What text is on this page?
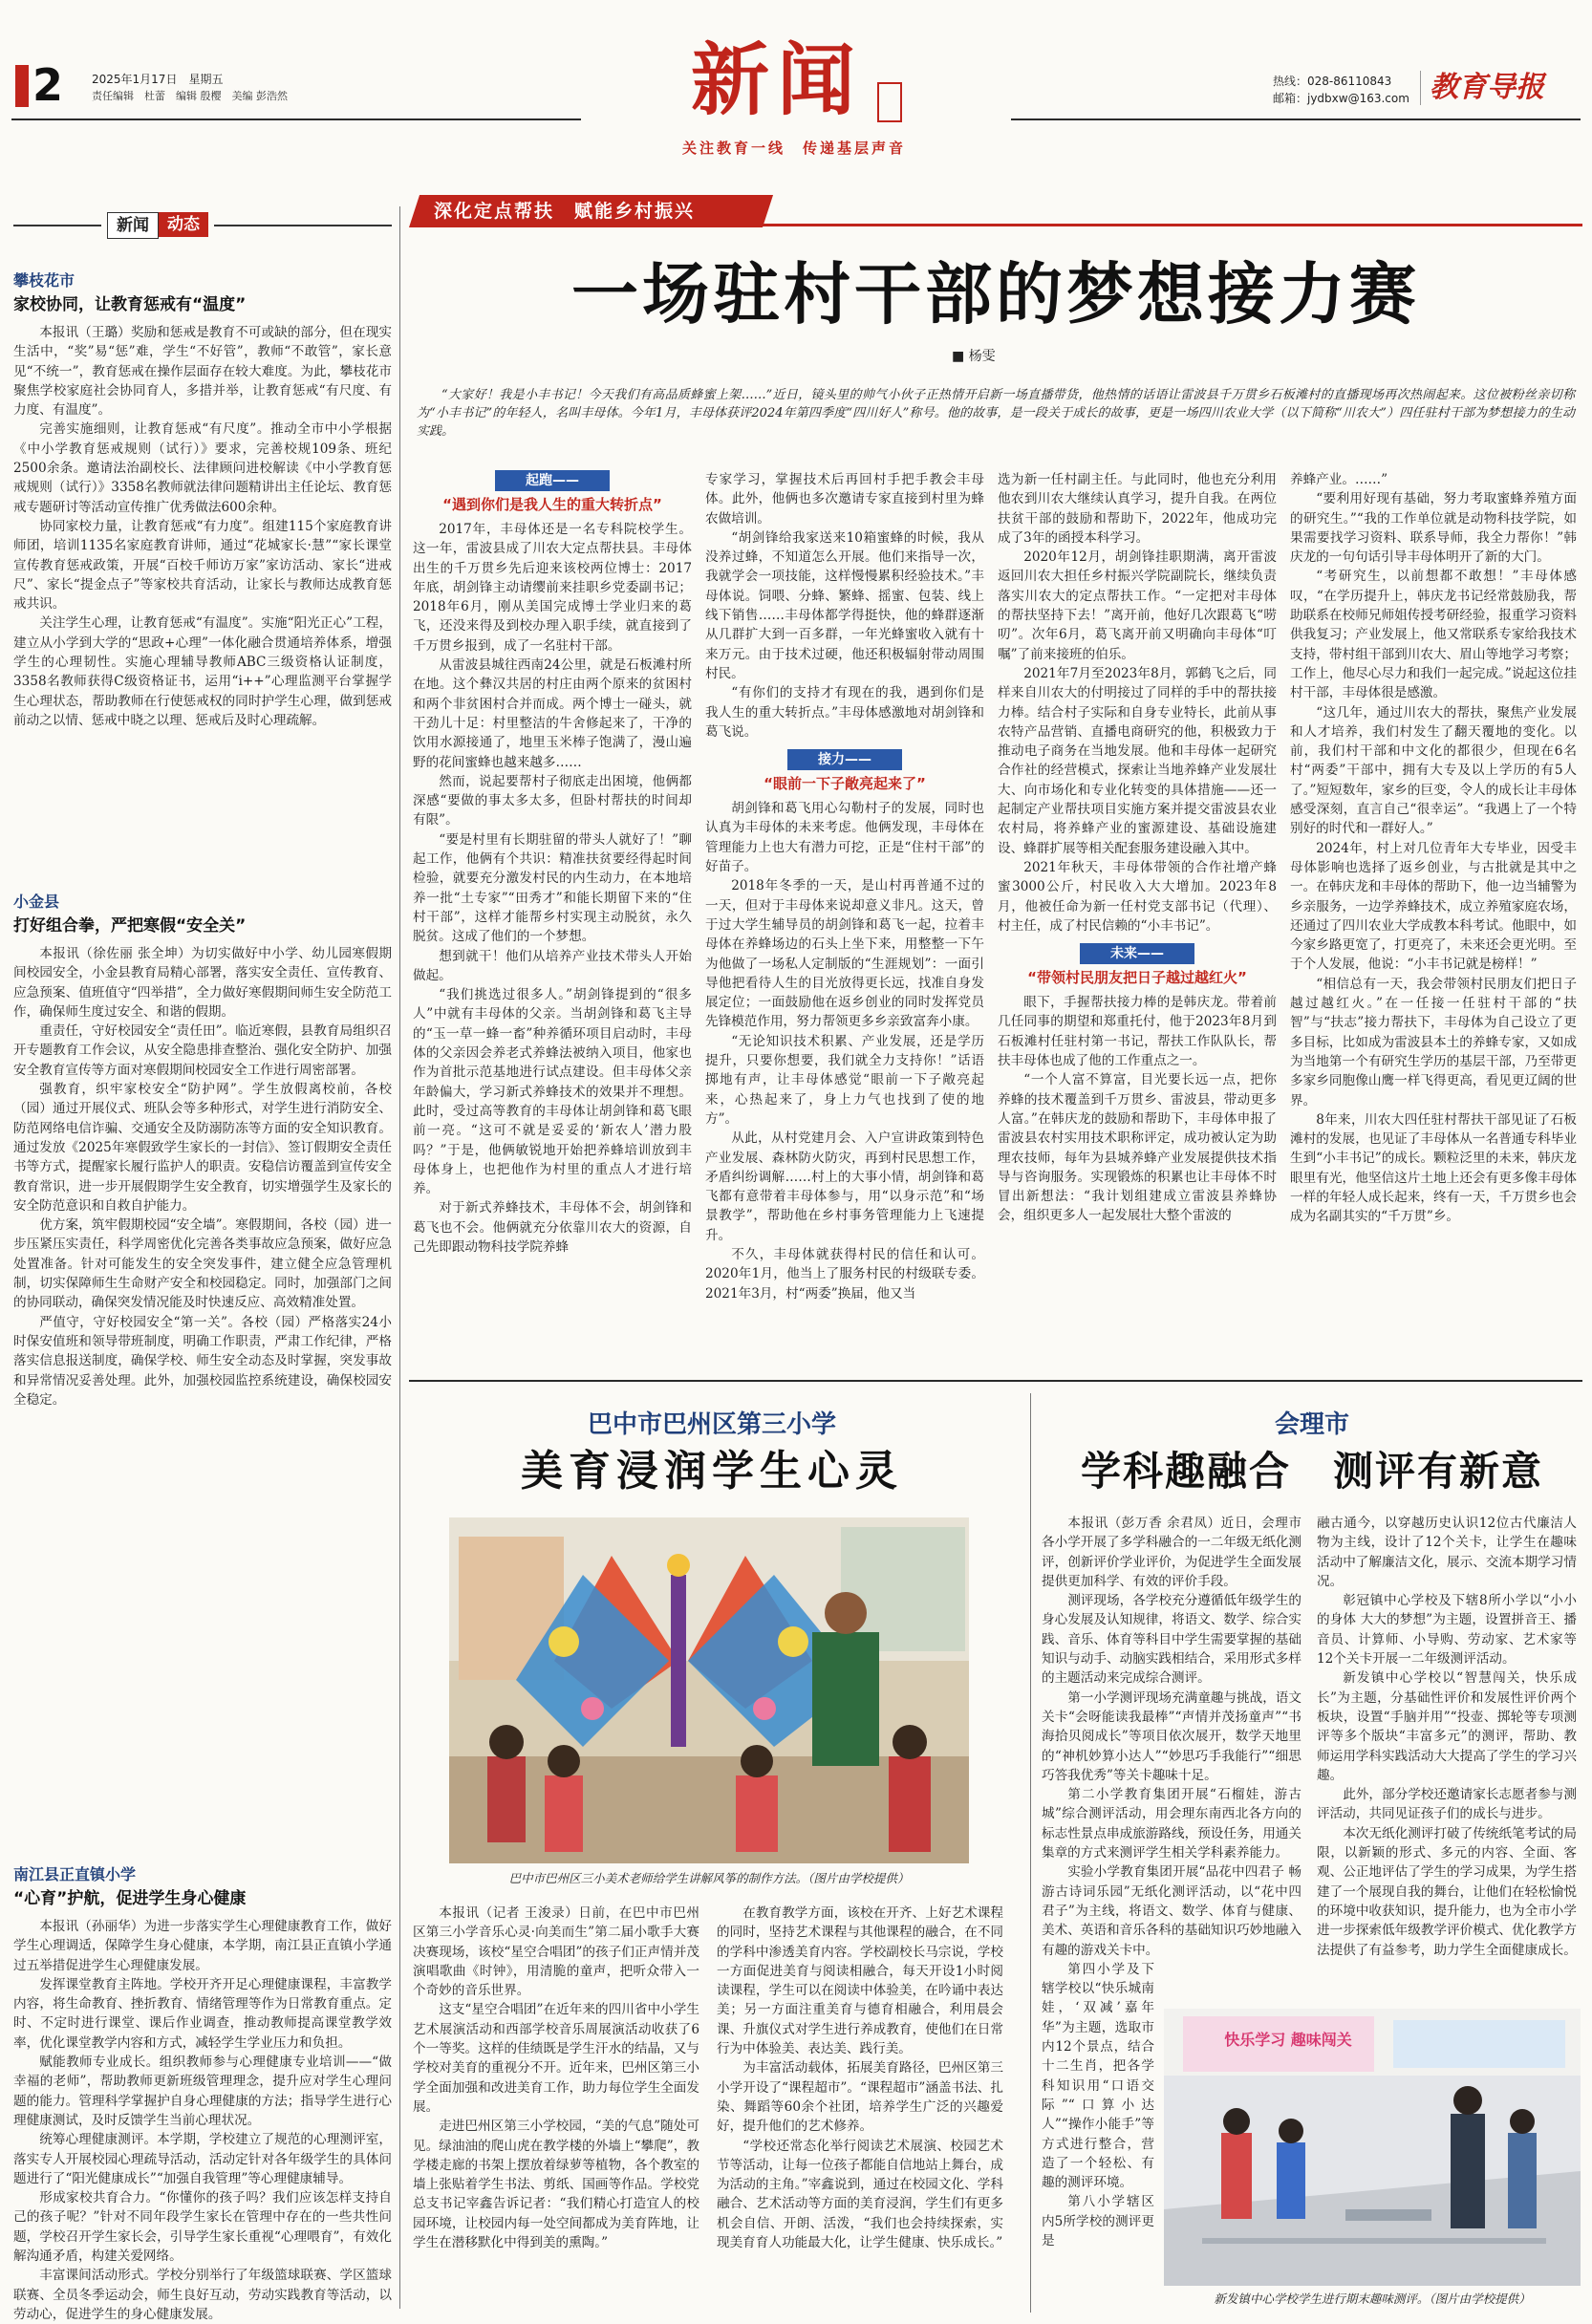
2 2025年1月17日　星期五
责任编辑　杜蕾　编辑 殷樱　美编 彭浩然	新闻
关注教育一线　传递基层声音
热线：028-86110843
邮箱：jydbxw@163.com 教育导报
新闻	动态
攀枝花市
家校协同，让教育惩戒有“温度”

本报讯（王璐）奖励和惩戒是教育不可或缺的部分，但在现实生活中，“奖”易“惩”难，学生“不好管”，教师“不敢管”，家长意见“不统一”，教育惩戒在操作层面存在较大难度。为此，攀枝花市聚焦学校家庭社会协同育人，多措并举，让教育惩戒“有尺度、有力度、有温度”。

完善实施细则，让教育惩戒“有尺度”。推动全市中小学根据《中小学教育惩戒规则（试行）》要求，完善校规109条、班纪2500余条。邀请法治副校长、法律顾问进校解读《中小学教育惩戒规则（试行）》3358名教师就法律问题精讲出主任论坛、教育惩戒专题研讨等活动宣传推广优秀做法600余种。

协同家校力量，让教育惩戒“有力度”。组建115个家庭教育讲师团，培训1135名家庭教育讲师，通过“花城家长·慧”“家长课堂宣传教育惩戒政策，开展“百校千师访万家”家访活动、家长“进戒尺”、家长“提金点子”等家校共育活动，让家长与教师达成教育惩戒共识。

关注学生心理，让教育惩戒“有温度”。实施“阳光正心”工程，建立从小学到大学的“思政+心理”一体化融合贯通培养体系，增强学生的心理韧性。实施心理辅导教师ABC三级资格认证制度，3358名教师获得C级资格证书，运用“i++”心理监测平台掌握学生心理状态，帮助教师在行使惩戒权的同时护学生心理，做到惩戒前动之以情、惩戒中晓之以理、惩戒后及时心理疏解。

小金县
打好组合拳，严把寒假“安全关”

本报讯（徐佐丽 张全坤）为切实做好中小学、幼儿园寒假期间校园安全，小金县教育局精心部署，落实安全责任、宣传教育、应急预案、值班值守“四举措”，全力做好寒假期间师生安全防范工作，确保师生度过安全、和谐的假期。

重责任，守好校园安全“责任田”。临近寒假，县教育局组织召开专题教育工作会议，从安全隐患排查整治、强化安全防护、加强安全教育宣传等方面对寒假期间校园安全工作进行周密部署。

强教育，织牢家校安全“防护网”。学生放假离校前，各校（园）通过开展仪式、班队会等多种形式，对学生进行消防安全、防范网络电信诈骗、交通安全及防溺防冻等方面的安全知识教育。通过发放《2025年寒假致学生家长的一封信》、签订假期安全责任书等方式，提醒家长履行监护人的职责。安稳信访覆盖到宣传安全教育常识，进一步开展假期学生安全教育，切实增强学生及家长的安全防范意识和自救自护能力。

优方案，筑牢假期校园“安全墙”。寒假期间，各校（园）进一步压紧压实责任，科学周密优化完善各类事故应急预案，做好应急处置准备。针对可能发生的安全突发事件，建立健全应急管理机制，切实保障师生生命财产安全和校园稳定。同时，加强部门之间的协同联动，确保突发情况能及时快速反应、高效精准处置。

严值守，守好校园安全“第一关”。各校（园）严格落实24小时保安值班和领导带班制度，明确工作职责，严肃工作纪律，严格落实信息报送制度，确保学校、师生安全动态及时掌握，突发事故和异常情况妥善处理。此外，加强校园监控系统建设，确保校园安全稳定。

南江县正直镇小学
“心育”护航，促进学生身心健康

本报讯（孙丽华）为进一步落实学生心理健康教育工作，做好学生心理调适，保障学生身心健康，本学期，南江县正直镇小学通过五举措促进学生心理健康发展。

发挥课堂教育主阵地。学校开齐开足心理健康课程，丰富教学内容，将生命教育、挫折教育、情绪管理等作为日常教育重点。定时、不定时进行课堂、课后作业调查，推动教师提高课堂教学效率，优化课堂教学内容和方式，减轻学生学业压力和负担。

赋能教师专业成长。组织教师参与心理健康专业培训——“做幸福的老师”，帮助教师更新班级管理理念，提升应对学生心理问题的能力。管理科学掌握护自身心理健康的方法；指导学生进行心理健康测试，及时反馈学生当前心理状况。

统筹心理健康测评。本学期，学校建立了规范的心理测评室，落实专人开展校园心理疏导活动，活动定针对各年级学生的具体问题进行了“阳光健康成长”“加强自我管理”等心理健康辅导。

形成家校共育合力。“你懂你的孩子吗？我们应该怎样支持自己的孩子呢？”针对不同年段学生家长在管理中存在的一些共性问题，学校召开学生家长会，引导学生家长重视“心理喂育”，有效化解沟通矛盾，构建关爱网络。

丰富课间活动形式。学校分别举行了年级篮球联赛、学区篮球联赛、全员冬季运动会，师生良好互动，劳动实践教育等活动，以劳动心，促进学生的身心健康发展。

深化定点帮扶　赋能乡村振兴
一场驻村干部的梦想接力赛
■ 杨雯
“大家好！我是小丰书记！今天我们有高品质蜂蜜上架……”近日，镜头里的帅气小伙子正热情开启新一场直播带货，他热情的话语让雷波县千万贯乡石板滩村的直播现场再次热闹起来。这位被粉丝亲切称为“小丰书记”的年轻人，名叫丰母体。今年1月，丰母体获评2024年第四季度“四川好人”称号。他的故事，是一段关于成长的故事，更是一场四川农业大学（以下简称“川农大”）四任驻村干部为梦想接力的生动实践。
起跑——
“遇到你们是我人生的重大转折点”

2017年，丰母体还是一名专科院校学生。这一年，雷波县成了川农大定点帮扶县。丰母体出生的千万贯乡先后迎来该校两位博士：2017年底，胡剑锋主动请缨前来挂职乡党委副书记；2018年6月，刚从美国完成博士学业归来的葛飞，还没来得及到校办理入职手续，就直接到了千万贯乡报到，成了一名驻村干部。

从雷波县城往西南24公里，就是石板滩村所在地。这个彝汉共居的村庄由两个原来的贫困村和两个非贫困村合并而成。两个博士一碰头，就干劲儿十足：村里整洁的牛舍修起来了，干净的饮用水源接通了，地里玉米棒子饱满了，漫山遍野的花间蜜蜂也越来越多……

然而，说起要帮村子彻底走出困境，他俩都深感“要做的事太多太多，但卧村帮扶的时间却有限”。

“要是村里有长期驻留的带头人就好了！”聊起工作，他俩有个共识：精准扶贫要经得起时间检验，就要充分激发村民的内生动力，在本地培养一批“土专家”“田秀才”和能长期留下来的“住村干部”，这样才能帮乡村实现主动脱贫，永久脱贫。这成了他们的一个梦想。

想到就干！他们从培养产业技术带头人开始做起。

“我们挑选过很多人。”胡剑锋提到的“很多人”中就有丰母体的父亲。当胡剑锋和葛飞主导的“玉一草一蜂一畜”种养循环项目启动时，丰母体的父亲因会养老式养蜂法被纳入项目，他家也作为首批示范基地进行试点建设。但丰母体父亲年龄偏大，学习新式养蜂技术的效果并不理想。此时，受过高等教育的丰母体让胡剑锋和葛飞眼前一亮。“这可不就是妥妥的‘新农人’潜力股吗？”于是，他俩敏锐地开始把养蜂培训放到丰母体身上，也把他作为村里的重点人才进行培养。

对于新式养蜂技术，丰母体不会，胡剑锋和葛飞也不会。他俩就充分依靠川农大的资源，自己先即跟动物科技学院养蜂

专家学习，掌握技术后再回村手把手教会丰母体。此外，他俩也多次邀请专家直接到村里为蜂农做培训。

“胡剑锋给我家送来10箱蜜蜂的时候，我从没养过蜂，不知道怎么开展。他们来指导一次，我就学会一项技能，这样慢慢累积经验技术。”丰母体说。饲喂、分蜂、繁蜂、摇蜜、包装、线上线下销售……丰母体都学得挺快，他的蜂群逐渐从几群扩大到一百多群，一年光蜂蜜收入就有十来万元。由于技术过硬，他还积极辐射带动周围村民。

“有你们的支持才有现在的我，遇到你们是我人生的重大转折点。”丰母体感激地对胡剑锋和葛飞说。

接力——
“眼前一下子敞亮起来了”

胡剑锋和葛飞用心勾勒村子的发展，同时也认真为丰母体的未来考虑。他俩发现，丰母体在管理能力上也大有潜力可挖，正是“住村干部”的好苗子。

2018年冬季的一天，是山村再普通不过的一天，但对于丰母体来说却意义非凡。这天，曾于过大学生辅导员的胡剑锋和葛飞一起，拉着丰母体在养蜂场边的石头上坐下来，用整整一下午为他做了一场私人定制版的“生涯规划”：一面引导他把看待人生的目光放得更长远，找准自身发展定位；一面鼓励他在返乡创业的同时发挥党员先锋模范作用，努力帮领更多乡亲致富奔小康。

“无论知识技术积累、产业发展，还是学历提升，只要你想要，我们就全力支持你！”话语掷地有声，让丰母体感觉“眼前一下子敞亮起来，心热起来了，身上力气也找到了使的地方”。

从此，从村党建月会、入户宣讲政策到特色产业发展、森林防火防灾，再到村民思想工作，矛盾纠纷调解……村上的大事小情，胡剑锋和葛飞都有意带着丰母体参与，用“以身示范”和“场景教学”，帮助他在乡村事务管理能力上飞速提升。

不久，丰母体就获得村民的信任和认可。2020年1月，他当上了服务村民的村级联专委。2021年3月，村“两委”换届，他又当

选为新一任村副主任。与此同时，他也充分利用他农到川农大继续认真学习，提升自我。在两位扶贫干部的鼓励和帮助下，2022年，他成功完成了3年的函授本科学习。

2020年12月，胡剑锋挂职期满，离开雷波返回川农大担任乡村振兴学院副院长，继续负责落实川农大的定点帮扶工作。“一定把对丰母体的帮扶坚持下去！”离开前，他好几次跟葛飞“唠叨”。次年6月，葛飞离开前又明确向丰母体“叮嘱”了前来接班的伯乐。

2021年7月至2023年8月，郭鹤飞之后，同样来自川农大的付明接过了同样的手中的帮扶接力棒。结合村子实际和自身专业特长，此前从事农特产品营销、直播电商研究的他，积极致力于推动电子商务在当地发展。他和丰母体一起研究合作社的经营模式，探索让当地养蜂产业发展壮大、向市场化和专业化转变的具体措施——还一起制定产业帮扶项目实施方案并提交雷波县农业农村局，将养蜂产业的蜜源建设、基础设施建设、蜂群扩展等相关配套服务建设融入其中。

2021年秋天，丰母体带领的合作社增产蜂蜜3000公斤，村民收入大大增加。2023年8月，他被任命为新一任村党支部书记（代理）、村主任，成了村民信赖的“小丰书记”。

未来——
“带领村民朋友把日子越过越红火”

眼下，手握帮扶接力棒的是韩庆龙。带着前几任同事的期望和郑重托付，他于2023年8月到石板滩村任驻村第一书记，帮扶工作队队长，帮扶丰母体也成了他的工作重点之一。

“一个人富不算富，目光要长远一点，把你养蜂的技术覆盖到千万贯乡、雷波县，带动更多人富。”在韩庆龙的鼓励和帮助下，丰母体申报了雷波县农村实用技术职称评定，成功被认定为助理农技师，每年为县城养蜂产业发展提供技术指导与咨询服务。实现锻炼的积累也让丰母体不时冒出新想法：“我计划组建成立雷波县养蜂协会，组织更多人一起发展壮大整个雷波的

养蜂产业。……”

“要利用好现有基础，努力考取蜜蜂养殖方面的研究生。”“我的工作单位就是动物科技学院，如果需要找学习资料、联系导师，我全力帮你！”韩庆龙的一句句话引导丰母体明开了新的大门。

“考研究生，以前想都不敢想！”丰母体感叹，“在学历提升上，韩庆龙书记经常鼓励我，帮助联系在校师兄师姐传授考研经验，报重学习资料供我复习；产业发展上，他又常联系专家给我技术支持，带村组干部到川农大、眉山等地学习考察；工作上，他尽心尽力和我们一起完成。”说起这位挂村干部，丰母体很是感激。

“这几年，通过川农大的帮扶，聚焦产业发展和人才培养，我们村发生了翻天覆地的变化。以前，我们村干部和中文化的都很少，但现在6名村“两委”干部中，拥有大专及以上学历的有5人了。”短短数年，家乡的巨变，令人的成长让丰母体感受深刻，直言自己“很幸运”。“我遇上了一个特别好的时代和一群好人。”

2024年，村上对几位青年大专毕业，因受丰母体影响也选择了返乡创业，与古批就是其中之一。在韩庆龙和丰母体的帮助下，他一边当辅警为乡亲服务，一边学养蜂技术，成立养殖家庭农场，还通过了四川农业大学成教本科考试。他眼中，如今家乡路更宽了，打更亮了，未来还会更光明。至于个人发展，他说：“小丰书记就是榜样！”

“相信总有一天，我会带领村民朋友们把日子越过越红火。”在一任接一任驻村干部的“扶智”与“扶志”接力帮扶下，丰母体为自己设立了更多目标，比如成为雷波县本土的养蜂专家，又如成为当地第一个有研究生学历的基层干部，乃至带更多家乡同胞像山鹰一样飞得更高，看见更辽阔的世界。

8年来，川农大四任驻村帮扶干部见证了石板滩村的发展，也见证了丰母体从一名普通专科毕业生到“小丰书记”的成长。颗粒泛里的未来，韩庆龙眼里有光，他坚信这片土地上还会有更多像丰母体一样的年轻人成长起来，终有一天，千万贯乡也会成为名副其实的“千万贯”乡。

巴中市巴州区第三小学
美育浸润学生心灵
巴中市巴州区三小美术老师给学生讲解风筝的制作方法。（图片由学校提供）

本报讯（记者 王浚录）日前，在巴中市巴州区第三小学音乐心灵·向美而生”第二届小歌手大赛决赛现场，该校“星空合唱团”的孩子们正声情并茂演唱歌曲《时钟》，用清脆的童声，把听众带入一个奇妙的音乐世界。

这支“星空合唱团”在近年来的四川省中小学生艺术展演活动和西部学校音乐周展演活动收获了6个一等奖。这样的佳绩既是学生汗水的结晶，又与学校对美育的重视分不开。近年来，巴州区第三小学全面加强和改进美育工作，助力每位学生全面发展。

走进巴州区第三小学校园，“美的气息”随处可见。绿油油的爬山虎在教学楼的外墙上“攀爬”，教学楼走廊的书架上摆放着绿萝等植物，各个教室的墙上张贴着学生书法、剪纸、国画等作品。学校党总支书记宰鑫告诉记者：“我们精心打造宜人的校园环境，让校园内每一处空间都成为美育阵地，让学生在潜移默化中得到美的熏陶。”

在教育教学方面，该校在开齐、上好艺术课程的同时，坚持艺术课程与其他课程的融合，在不同的学科中渗透美育内容。学校副校长马宗说，学校一方面促进美育与阅读相融合，每天开设1小时阅读课程，学生可以在阅读中体验美，在吟诵中表达美；另一方面注重美育与德育相融合，利用晨会课、升旗仪式对学生进行养成教育，使他们在日常行为中体验美、表达美、践行美。

为丰富活动载体，拓展美育路径，巴州区第三小学开设了“课程超市”。“课程超市”涵盖书法、扎染、舞蹈等60余个社团，培养学生广泛的兴趣爱好，提升他们的艺术修养。

“学校还常态化举行阅读艺术展演、校园艺术节等活动，让每一位孩子都能自信地站上舞台，成为活动的主角。”宰鑫说到，通过在校园文化、学科融合、艺术活动等方面的美育浸润，学生们有更多机会自信、开朗、活泼，“我们也会持续探索，实现美育育人功能最大化，让学生健康、快乐成长。”

会理市
学科趣融合　测评有新意

本报讯（彭万香 余君凤）近日，会理市各小学开展了多学科融合的一二年级无纸化测评，创新评价学业评价，为促进学生全面发展提供更加科学、有效的评价手段。

测评现场，各学校充分遵循低年级学生的身心发展及认知规律，将语文、数学、综合实践、音乐、体育等科目中学生需要掌握的基础知识与动手、动脑实践相结合，采用形式多样的主题活动来完成综合测评。

第一小学测评现场充满童趣与挑战，语文关卡“会呀能读我最棒”“声情并茂扬童声”“书海拾贝阅成长”等项目依次展开，数学天地里的“神机妙算小达人”“妙思巧手我能行”“细思巧答我优秀”等关卡趣味十足。

第二小学教育集团开展“石榴娃，游古城”综合测评活动，用会理东南西北各方向的标志性景点串成旅游路线，预设任务，用通关集章的方式来测评学生相关学科素养能力。

实验小学教育集团开展“品花中四君子 畅游古诗词乐园”无纸化测评活动，以“花中四君子”为主线，将语文、数学、体育与健康、美术、英语和音乐各科的基础知识巧妙地融入有趣的游戏关卡中。

第四小学及下辖学校以“快乐城南娃，‘双减’嘉年华”为主题，选取市内12个景点，结合十二生肖，把各学科知识用“口语交际”“口算小达人”“操作小能手”等方式进行整合，营造了一个轻松、有趣的测评环境。

第八小学辖区内5所学校的测评更是

融古通今，以穿越历史认识12位古代廉洁人物为主线，设计了12个关卡，让学生在趣味活动中了解廉洁文化，展示、交流本期学习情况。

彰冠镇中心学校及下辖8所小学以“小小的身体 大大的梦想”为主题，设置拼音王、播音员、计算师、小导购、劳动家、艺术家等12个关卡开展一二年级测评活动。

新发镇中心学校以“智慧闯关，快乐成长”为主题，分基础性评价和发展性评价两个板块，设置“手脑并用”“投壶、掷轮等专项测评等多个版块“丰富多元”的测评，帮助、教师运用学科实践活动大大提高了学生的学习兴趣。

此外，部分学校还邀请家长志愿者参与测评活动，共同见证孩子们的成长与进步。

本次无纸化测评打破了传统纸笔考试的局限，以新颖的形式、多元的内容、全面、客观、公正地评估了学生的学习成果，为学生搭建了一个展现自我的舞台，让他们在轻松愉悦的环境中收获知识，提升能力，也为全市小学进一步探索低年级教学评价模式、优化教学方法提供了有益参考，助力学生全面健康成长。

快乐学习 趣味闯关
新发镇中心学校学生进行期末趣味测评。（图片由学校提供）
